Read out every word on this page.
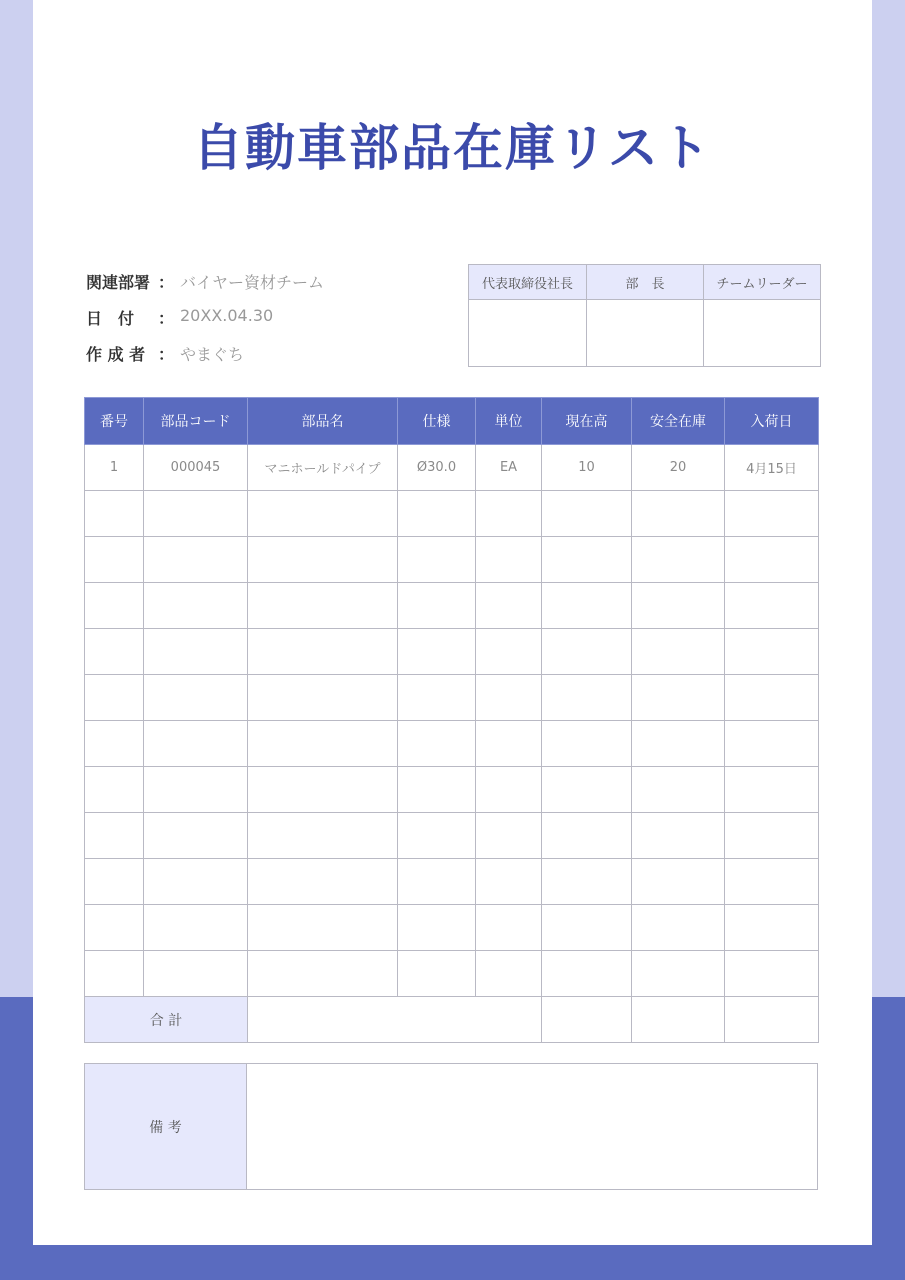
自動車部品在庫リスト
関連部署 ： バイヤー資材チーム
日　付 ： 20XX.04.30
作 成 者 ： やまぐち
代表取締役社長	部　長	チームリーダー

番号	部品コード	部品名	仕様	単位	現在高	安全在庫	入荷日
1	000045	マニホールドパイプ	Ø30.0	EA	10	20	4月15日

合 計							
備 考	
